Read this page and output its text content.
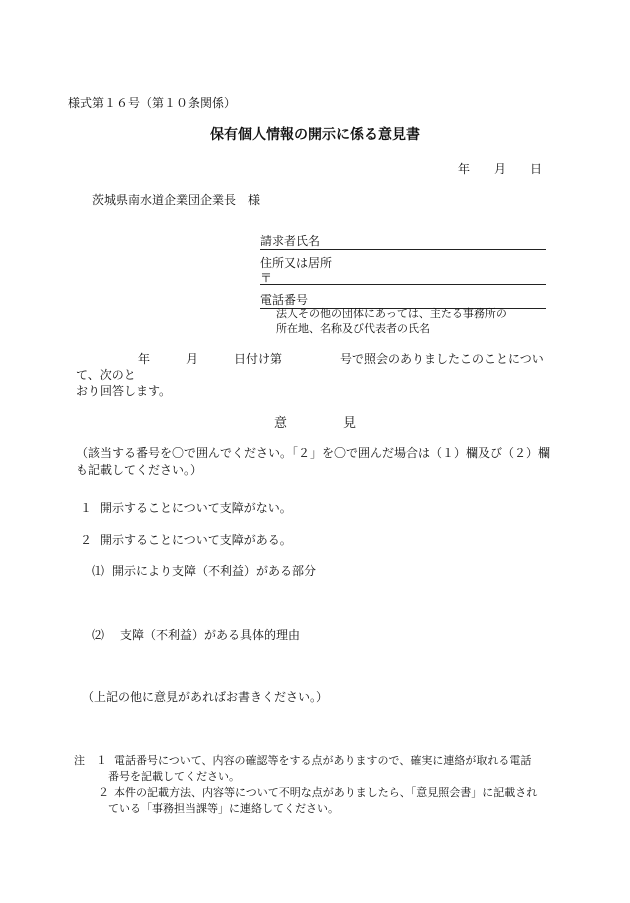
様式第１６号（第１０条関係）
保有個人情報の開示に係る意見書
年 月 日
茨城県南水道企業団企業長　様
請求者氏名
住所又は居所
〒
電話番号
法人その他の団体にあっては、主たる事務所の
所在地、名称及び代表者の氏名
年	月	日付け第	号で照会のありましたこのことについて、次のと
おり回答します。
意	見
（該当する番号を〇で囲んでください。「２」を〇で囲んだ場合は（１）欄及び（２）欄
も記載してください。）
１ 開示することについて支障がない。
２ 開示することについて支障がある。
⑴ 開示により支障（不利益）がある部分
⑵ 支障（不利益）がある具体的理由
（上記の他に意見があればお書きください。）
注 １ 電話番号について、内容の確認等をする点がありますので、確実に連絡が取れる電話
番号を記載してください。
２ 本件の記載方法、内容等について不明な点がありましたら、「意見照会書」に記載され
ている「事務担当課等」に連絡してください。
